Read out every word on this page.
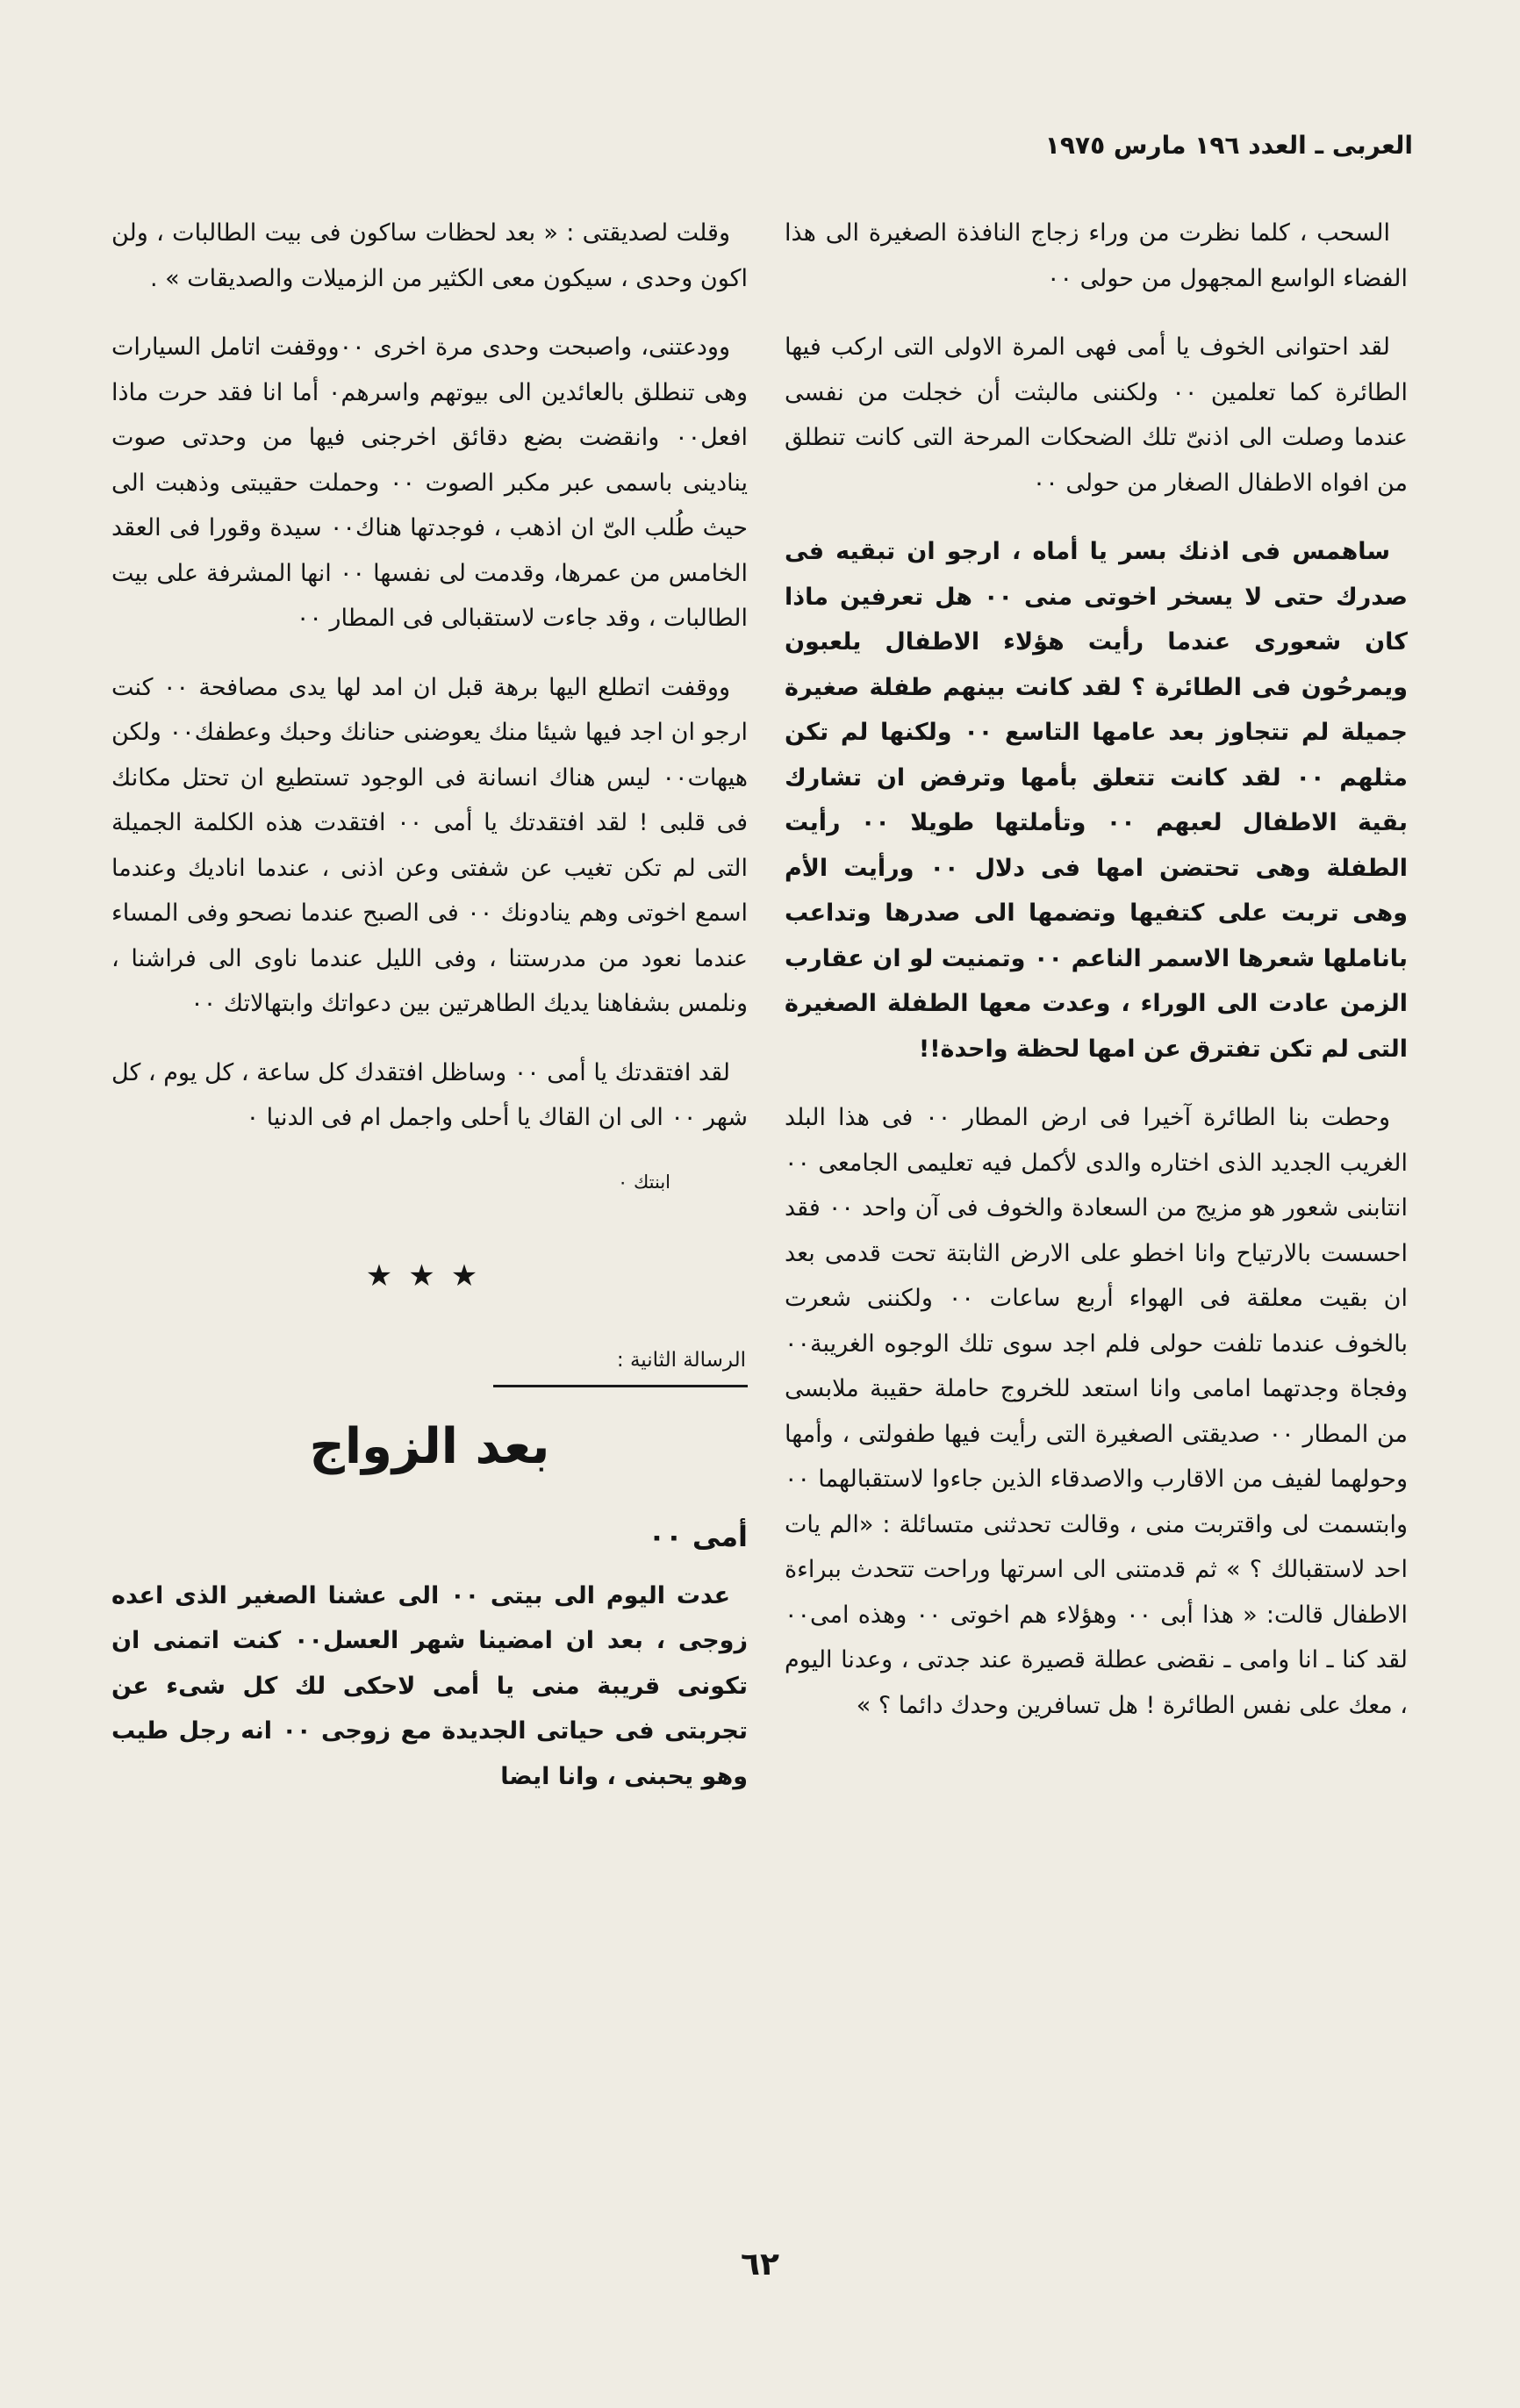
العربى ـ العدد ١٩٦ مارس ١٩٧٥

السحب ، كلما نظرت من وراء زجاج النافذة الصغيرة الى هذا الفضاء الواسع المجهول من حولى ٠٠

لقد احتوانى الخوف يا أمى فهى المرة الاولى التى اركب فيها الطائرة كما تعلمين ٠٠ ولكننى مالبثت أن خجلت من نفسى عندما وصلت الى اذنىّ تلك الضحكات المرحة التى كانت تنطلق من افواه الاطفال الصغار من حولى ٠٠

ساهمس فى اذنك بسر يا أماه ، ارجو ان تبقيه فى صدرك حتى لا يسخر اخوتى منى ٠٠ هل تعرفين ماذا كان شعورى عندما رأيت هؤلاء الاطفال يلعبون ويمرحُون فى الطائرة ؟ لقد كانت بينهم طفلة صغيرة جميلة لم تتجاوز بعد عامها التاسع ٠٠ ولكنها لم تكن مثلهم ٠٠ لقد كانت تتعلق بأمها وترفض ان تشارك بقية الاطفال لعبهم ٠٠ وتأملتها طويلا ٠٠ رأيت الطفلة وهى تحتضن امها فى دلال ٠٠ ورأيت الأم وهى تربت على كتفيها وتضمها الى صدرها وتداعب باناملها شعرها الاسمر الناعم ٠٠ وتمنيت لو ان عقارب الزمن عادت الى الوراء ، وعدت معها الطفلة الصغيرة التى لم تكن تفترق عن امها لحظة واحدة!!

وحطت بنا الطائرة آخيرا فى ارض المطار ٠٠ فى هذا البلد الغريب الجديد الذى اختاره والدى لأكمل فيه تعليمى الجامعى ٠٠ انتابنى شعور هو مزيج من السعادة والخوف فى آن واحد ٠٠ فقد احسست بالارتياح وانا اخطو على الارض الثابتة تحت قدمى بعد ان بقيت معلقة فى الهواء أربع ساعات ٠٠ ولكننى شعرت بالخوف عندما تلفت حولى فلم اجد سوى تلك الوجوه الغريبة٠٠ وفجاة وجدتهما امامى وانا استعد للخروج حاملة حقيبة ملابسى من المطار ٠٠ صديقتى الصغيرة التى رأيت فيها طفولتى ، وأمها وحولهما لفيف من الاقارب والاصدقاء الذين جاءوا لاستقبالهما ٠٠ وابتسمت لى واقتربت منى ، وقالت تحدثنى متسائلة : «الم يات احد لاستقبالك ؟ » ثم قدمتنى الى اسرتها وراحت تتحدث ببراءة الاطفال قالت: « هذا أبى ٠٠ وهؤلاء هم اخوتى ٠٠ وهذه امى٠٠ لقد كنا ـ انا وامى ـ نقضى عطلة قصيرة عند جدتى ، وعدنا اليوم ، معك على نفس الطائرة ! هل تسافرين وحدك دائما ؟ »

وقلت لصديقتى : « بعد لحظات ساكون فى بيت الطالبات ، ولن اكون وحدى ، سيكون معى الكثير من الزميلات والصديقات » .

وودعتنى، واصبحت وحدى مرة اخرى ٠٠ووقفت اتامل السيارات وهى تنطلق بالعائدين الى بيوتهم واسرهم٠ أما انا فقد حرت ماذا افعل٠٠ وانقضت بضع دقائق اخرجنى فيها من وحدتى صوت ينادينى باسمى عبر مكبر الصوت ٠٠ وحملت حقيبتى وذهبت الى حيث طُلب الىّ ان اذهب ، فوجدتها هناك٠٠ سيدة وقورا فى العقد الخامس من عمرها، وقدمت لى نفسها ٠٠ انها المشرفة على بيت الطالبات ، وقد جاءت لاستقبالى فى المطار ٠٠

ووقفت اتطلع اليها برهة قبل ان امد لها يدى مصافحة ٠٠ كنت ارجو ان اجد فيها شيئا منك يعوضنى حنانك وحبك وعطفك٠٠ ولكن هيهات٠٠ ليس هناك انسانة فى الوجود تستطيع ان تحتل مكانك فى قلبى ! لقد افتقدتك يا أمى ٠٠ افتقدت هذه الكلمة الجميلة التى لم تكن تغيب عن شفتى وعن اذنى ، عندما اناديك وعندما اسمع اخوتى وهم ينادونك ٠٠ فى الصبح عندما نصحو وفى المساء عندما نعود من مدرستنا ، وفى الليل عندما ناوى الى فراشنا ، ونلمس بشفاهنا يديك الطاهرتين بين دعواتك وابتهالاتك ٠٠

لقد افتقدتك يا أمى ٠٠ وساظل افتقدك كل ساعة ، كل يوم ، كل شهر ٠٠ الى ان القاك يا أحلى واجمل ام فى الدنيا ٠

ابنتك ٠
★★★
الرسالة الثانية :
بعد الزواج
أمى ٠٠

عدت اليوم الى بيتى ٠٠ الى عشنا الصغير الذى اعده زوجى ، بعد ان امضينا شهر العسل٠٠ كنت اتمنى ان تكونى قريبة منى يا أمى لاحكى لك كل شىء عن تجربتى فى حياتى الجديدة مع زوجى ٠٠ انه رجل طيب وهو يحبنى ، وانا ايضا

٦٢
